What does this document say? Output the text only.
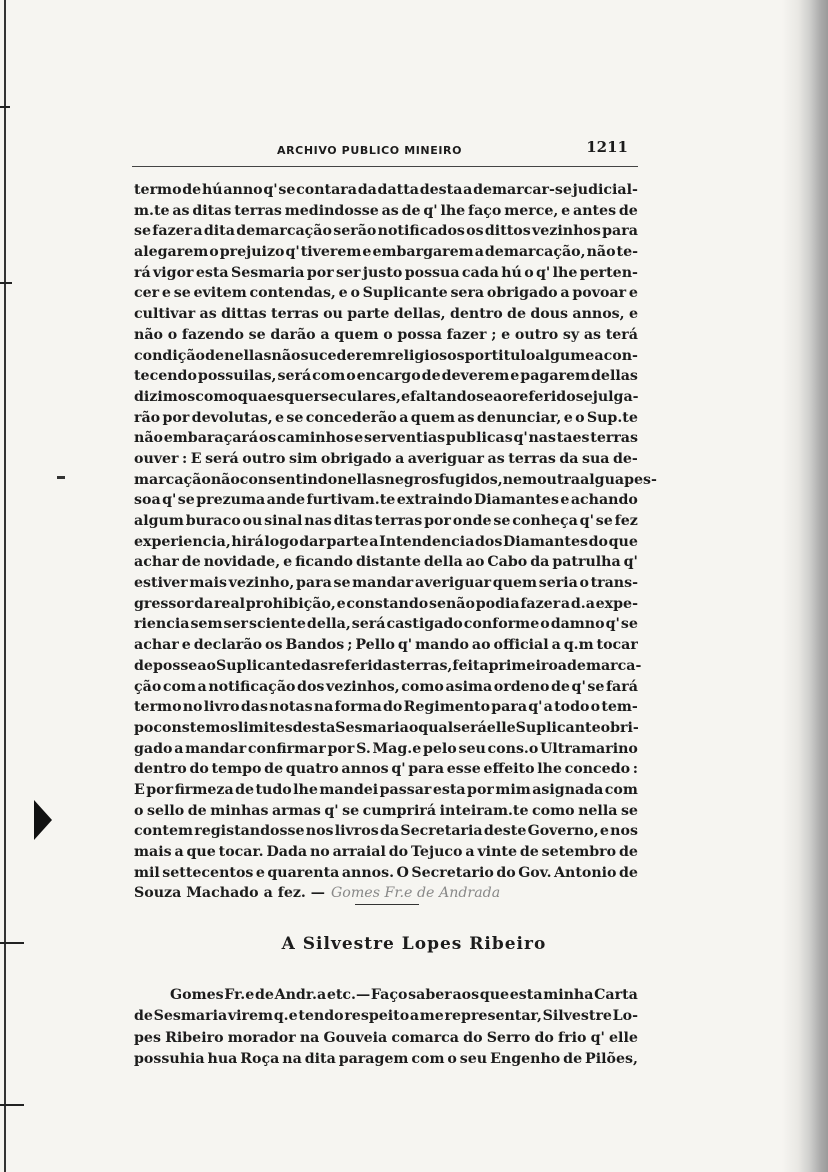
ARCHIVO PUBLICO MINEIRO	1211
termo de hú anno q' se contara da datta desta a demarcar-se judicial-
m.te as ditas terras medindosse as de q' lhe faço merce, e antes de
se fazer a dita demarcação serão notificados os dittos vezinhos para
alegarem o prejuizo q' tiverem e embargarem a demarcação, não te-
rá vigor esta Sesmaria por ser justo possua cada hú o q' lhe perten-
cer e se evitem contendas, e o Suplicante sera obrigado a povoar e
cultivar as dittas terras ou parte dellas, dentro de dous annos, e
não o fazendo se darão a quem o possa fazer ; e outro sy as terá
condição de nellas não sucederem religiosos por titulo algum e acon-
tecendo possuilas, será com o encargo de deverem e pagarem dellas
dizimos como quaesquer seculares, e faltandose ao referido se julga-
rão por devolutas, e se concederão a quem as denunciar, e o Sup.te
não embaraçará os caminhos e serventias publicas q' nas taes terras
ouver : E será outro sim obrigado a averiguar as terras da sua de-
marcação não consentindo nellas negros fugidos, nem outra algua pes-
soa q' se prezuma ande furtivam.te extraindo Diamantes e achando
algum buraco ou sinal nas ditas terras por onde se conheça q' se fez
experiencia, hirá logo dar parte a Intendencia dos Diamantes do que
achar de novidade, e ficando distante della ao Cabo da patrulha q'
estiver mais vezinho, para se mandar averiguar quem seria o trans-
gressor da real prohibição, e constando senão podia fazer a d.a expe-
riencia sem ser sciente della, será castigado conforme o damno q' se
achar e declarão os Bandos ; Pello q' mando ao official a q.m tocar
de posse ao Suplicante das referidas terras, feita primeiro a demarca-
ção com a notificação dos vezinhos, como asima ordeno de q' se fará
termo no livro das notas na forma do Regimento para q' a todo o tem-
po constem os limites desta Sesmaria o qual será elle Suplicante obri-
gado a mandar confirmar por S. Mag.e pelo seu cons.o Ultramarino
dentro do tempo de quatro annos q' para esse effeito lhe concedo :
E por firmeza de tudo lhe mandei passar esta por mim asignada com
o sello de minhas armas q' se cumprirá inteiram.te como nella se
contem registandosse nos livros da Secretaria deste Governo, e nos
mais a que tocar. Dada no arraial do Tejuco a vinte de setembro de
mil settecentos e quarenta annos. O Secretario do Gov. Antonio de
Souza Machado a fez. — Gomes Fr.e de Andrada
A Silvestre Lopes Ribeiro
Gomes Fr.e de Andr.a etc.— Faço saber aos que esta minha Carta
de Sesmaria virem q.e tendo respeito a me representar, Silvestre Lo-
pes Ribeiro morador na Gouveia comarca do Serro do frio q' elle
possuhia hua Roça na dita paragem com o seu Engenho de Pilões,
